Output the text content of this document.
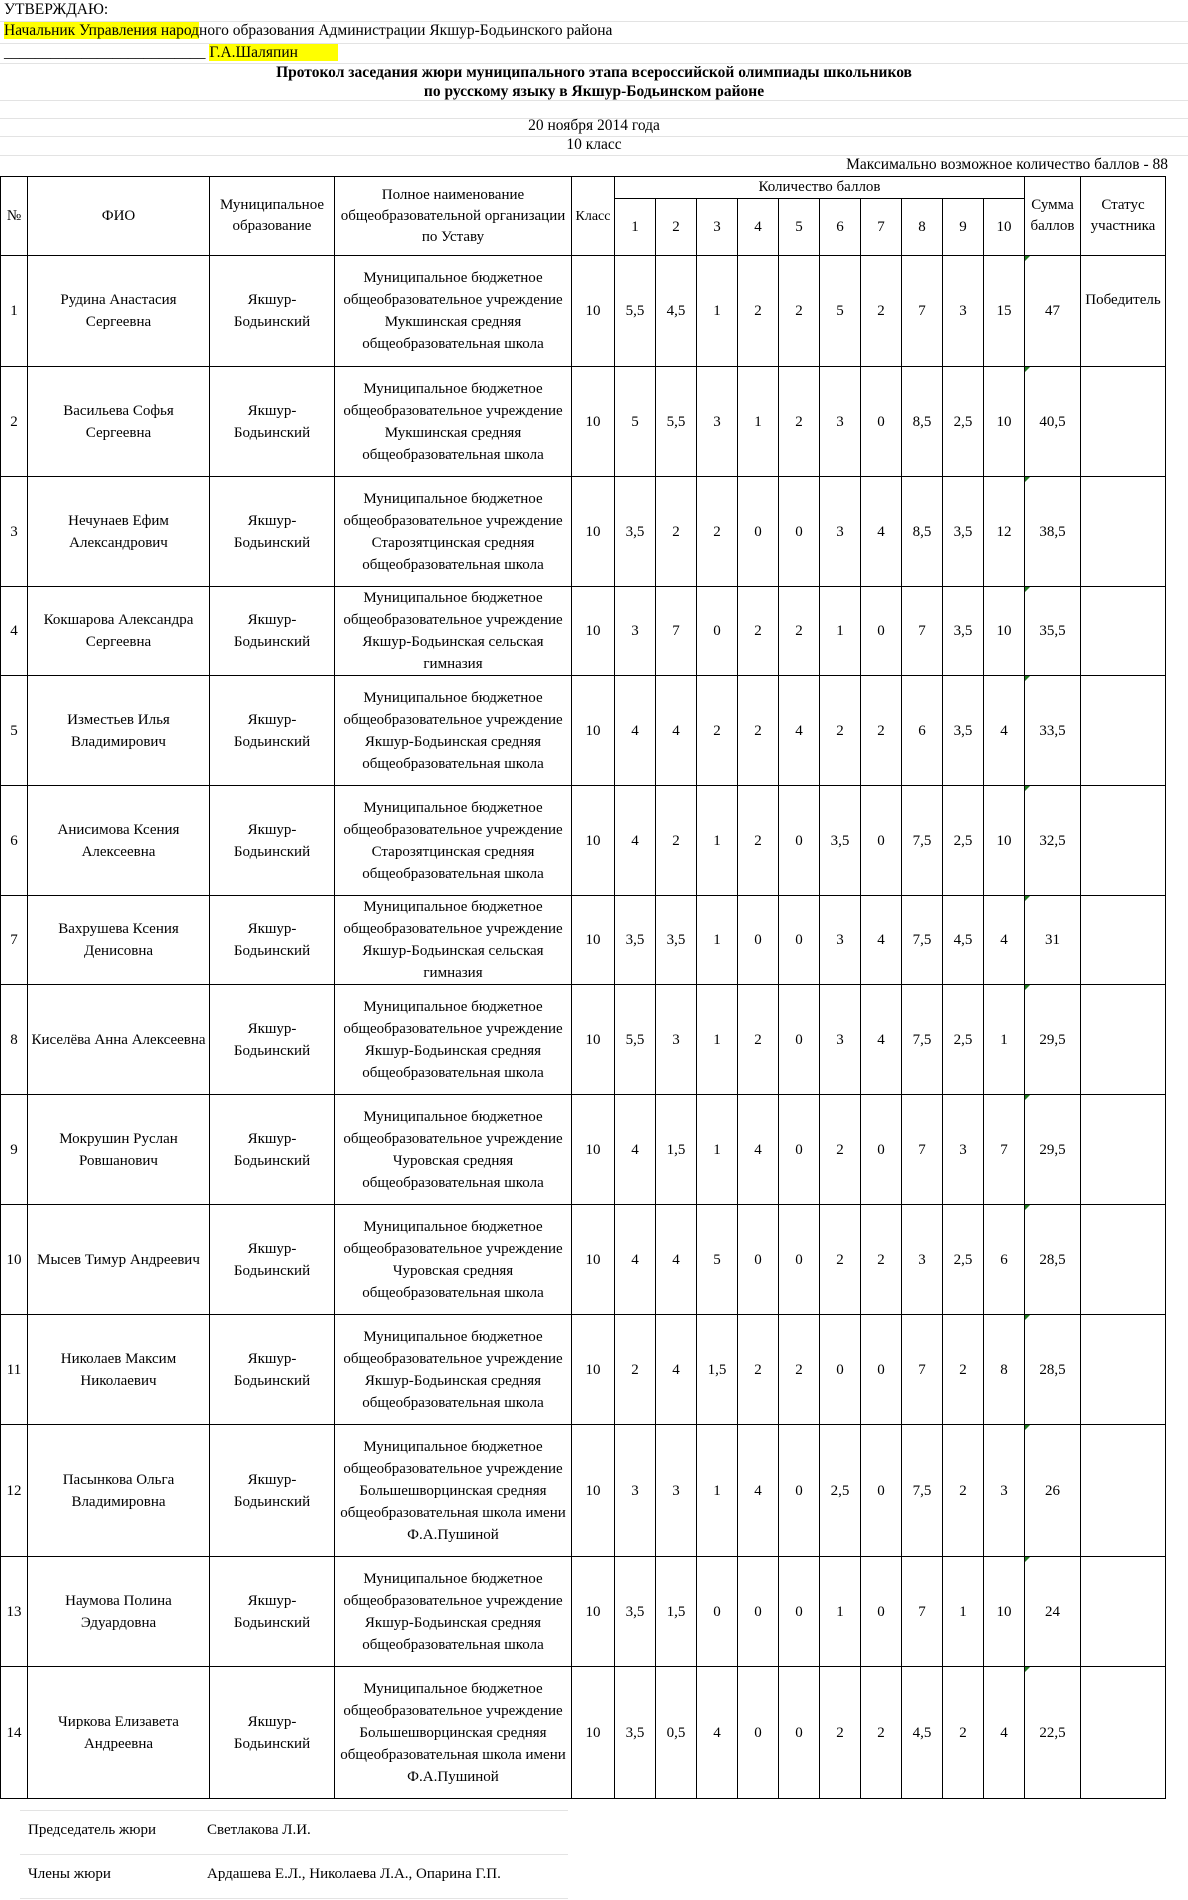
УТВЕРЖДАЮ:
Начальник Управления народного образования Администрации Якшур-Бодьинского района
__________________________ Г.А.Шаляпин
Протокол заседания жюри муниципального этапа всероссийской олимпиады школьников
по русскому языку в Якшур-Бодьинском районе
20 ноября 2014 года
10 класс
Максимально возможное количество баллов - 88
№	ФИО	Муниципальное образование	Полное наименование общеобразовательной организации по Уставу	Класс	Количество баллов										Сумма баллов	Статус участника
					1	2	3	4	5	6	7	8	9	10		
1	Рудина Анастасия Сергеевна	Якшур-Бодьинский	Муниципальное бюджетное общеобразовательное учреждение Мукшинская средняя общеобразовательная школа	10	5,5	4,5	1	2	2	5	2	7	3	15	47	Победитель
2	Васильева Софья Сергеевна	Якшур-Бодьинский	Муниципальное бюджетное общеобразовательное учреждение Мукшинская средняя общеобразовательная школа	10	5	5,5	3	1	2	3	0	8,5	2,5	10	40,5	
3	Нечунаев Ефим Александрович	Якшур-Бодьинский	Муниципальное бюджетное общеобразовательное учреждение Старозятцинская средняя общеобразовательная школа	10	3,5	2	2	0	0	3	4	8,5	3,5	12	38,5	
4	Кокшарова Александра Сергеевна	Якшур-Бодьинский	Муниципальное бюджетное общеобразовательное учреждение Якшур-Бодьинская сельская гимназия	10	3	7	0	2	2	1	0	7	3,5	10	35,5	
5	Изместьев Илья Владимирович	Якшур-Бодьинский	Муниципальное бюджетное общеобразовательное учреждение Якшур-Бодьинская средняя общеобразовательная школа	10	4	4	2	2	4	2	2	6	3,5	4	33,5	
6	Анисимова Ксения Алексеевна	Якшур-Бодьинский	Муниципальное бюджетное общеобразовательное учреждение Старозятцинская средняя общеобразовательная школа	10	4	2	1	2	0	3,5	0	7,5	2,5	10	32,5	
7	Вахрушева Ксения Денисовна	Якшур-Бодьинский	Муниципальное бюджетное общеобразовательное учреждение Якшур-Бодьинская сельская гимназия	10	3,5	3,5	1	0	0	3	4	7,5	4,5	4	31	
8	Киселёва Анна Алексеевна	Якшур-Бодьинский	Муниципальное бюджетное общеобразовательное учреждение Якшур-Бодьинская средняя общеобразовательная школа	10	5,5	3	1	2	0	3	4	7,5	2,5	1	29,5	
9	Мокрушин Руслан Ровшанович	Якшур-Бодьинский	Муниципальное бюджетное общеобразовательное учреждение Чуровская средняя общеобразовательная школа	10	4	1,5	1	4	0	2	0	7	3	7	29,5	
10	Мысев Тимур Андреевич	Якшур-Бодьинский	Муниципальное бюджетное общеобразовательное учреждение Чуровская средняя общеобразовательная школа	10	4	4	5	0	0	2	2	3	2,5	6	28,5	
11	Николаев Максим Николаевич	Якшур-Бодьинский	Муниципальное бюджетное общеобразовательное учреждение Якшур-Бодьинская средняя общеобразовательная школа	10	2	4	1,5	2	2	0	0	7	2	8	28,5	
12	Пасынкова Ольга Владимировна	Якшур-Бодьинский	Муниципальное бюджетное общеобразовательное учреждение Большешворцинская средняя общеобразовательная школа имени Ф.А.Пушиной	10	3	3	1	4	0	2,5	0	7,5	2	3	26	
13	Наумова Полина Эдуардовна	Якшур-Бодьинский	Муниципальное бюджетное общеобразовательное учреждение Якшур-Бодьинская средняя общеобразовательная школа	10	3,5	1,5	0	0	0	1	0	7	1	10	24	
14	Чиркова Елизавета Андреевна	Якшур-Бодьинский	Муниципальное бюджетное общеобразовательное учреждение Большешворцинская средняя общеобразовательная школа имени Ф.А.Пушиной	10	3,5	0,5	4	0	0	2	2	4,5	2	4	22,5	
Председатель жюри	Светлакова Л.И.
Члены жюри	Ардашева Е.Л., Николаева Л.А., Опарина Г.П.
